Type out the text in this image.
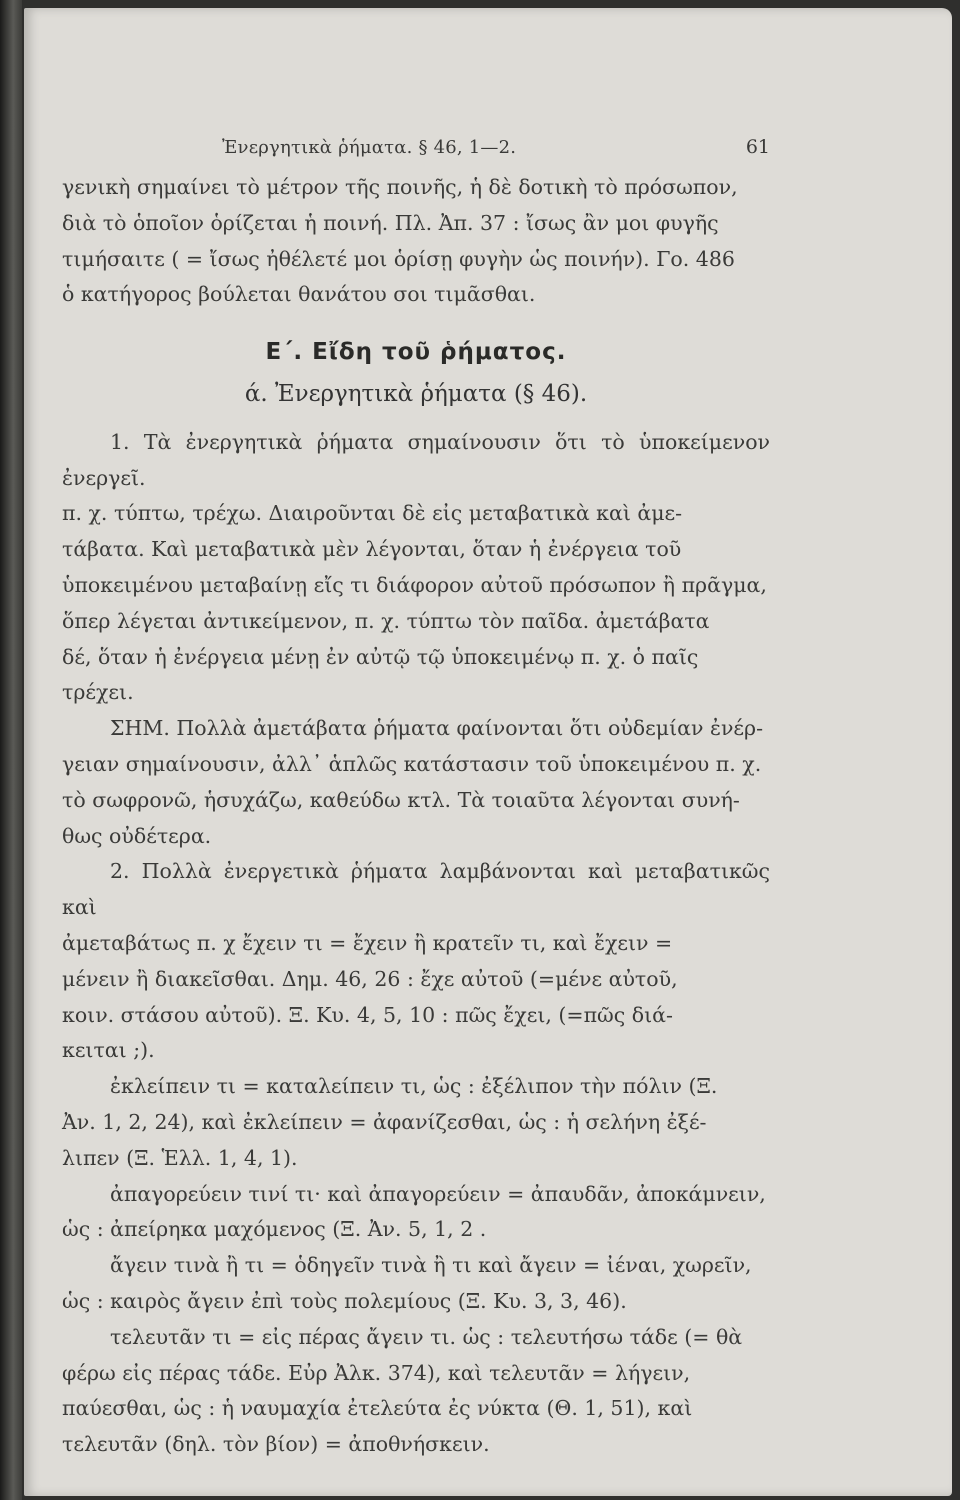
Ἐνεργητικὰ ῥήματα. § 46, 1—2.	61

γενικὴ σημαίνει τὸ μέτρον τῆς ποινῆς, ἡ δὲ δοτικὴ τὸ πρόσωπον,

διὰ τὸ ὁποῖον ὁρίζεται ἡ ποινή. Πλ. Ἀπ. 37 : ἴσως ἂν μοι φυγῆς

τιμήσαιτε ( = ἴσως ἠθέλετέ μοι ὁρίσῃ φυγὴν ὡς ποινήν). Γο. 486

ὁ κατήγορος βούλεται θανάτου σοι τιμᾶσθαι.

Ε΄. Εἴδη τοῦ ῥήματος.
ά. Ἐνεργητικὰ ῥήματα (§ 46).

1. Τὰ ἐνεργητικὰ ῥήματα σημαίνουσιν ὅτι τὸ ὑποκείμενον ἐνεργεῖ.

π. χ. τύπτω, τρέχω. Διαιροῦνται δὲ εἰς μεταβατικὰ καὶ ἀμε-

τάβατα. Καὶ μεταβατικὰ μὲν λέγονται, ὅταν ἡ ἐνέργεια τοῦ

ὑποκειμένου μεταβαίνῃ εἴς τι διάφορον αὐτοῦ πρόσωπον ἢ πρᾶγμα,

ὅπερ λέγεται ἀντικείμενον, π. χ. τύπτω τὸν παῖδα. ἀμετάβατα

δέ, ὅταν ἡ ἐνέργεια μένῃ ἐν αὐτῷ τῷ ὑποκειμένῳ π. χ. ὁ παῖς

τρέχει.

ΣΗΜ. Πολλὰ ἀμετάβατα ῥήματα φαίνονται ὅτι οὐδεμίαν ἐνέρ-

γειαν σημαίνουσιν, ἀλλ᾽ ἁπλῶς κατάστασιν τοῦ ὑποκειμένου π. χ.

τὸ σωφρονῶ, ἡσυχάζω, καθεύδω κτλ. Τὰ τοιαῦτα λέγονται συνή-

θως οὐδέτερα.

2. Πολλὰ ἐνεργετικὰ ῥήματα λαμβάνονται καὶ μεταβατικῶς καὶ

ἀμεταβάτως π. χ ἔχειν τι = ἔχειν ἢ κρατεῖν τι, καὶ ἔχειν =

μένειν ἢ διακεῖσθαι. Δημ. 46, 26 : ἔχε αὐτοῦ (=μένε αὐτοῦ,

κοιν. στάσου αὐτοῦ). Ξ. Κυ. 4, 5, 10 : πῶς ἔχει, (=πῶς διά-

κειται ;).

ἐκλείπειν τι = καταλείπειν τι, ὡς : ἐξέλιπον τὴν πόλιν (Ξ.

Ἀν. 1, 2, 24), καὶ ἐκλείπειν = ἀφανίζεσθαι, ὡς : ἡ σελήνη ἐξέ-

λιπεν (Ξ. Ἑλλ. 1, 4, 1).

ἀπαγορεύειν τινί τι· καὶ ἀπαγορεύειν = ἀπαυδᾶν, ἀποκάμνειν,

ὡς : ἀπείρηκα μαχόμενος (Ξ. Ἀν. 5, 1, 2 .

ἄγειν τινὰ ἢ τι = ὁδηγεῖν τινὰ ἢ τι καὶ ἄγειν = ἰέναι, χωρεῖν,

ὡς : καιρὸς ἄγειν ἐπὶ τοὺς πολεμίους (Ξ. Κυ. 3, 3, 46).

τελευτᾶν τι = εἰς πέρας ἄγειν τι. ὡς : τελευτήσω τάδε (= θὰ

φέρω εἰς πέρας τάδε. Εὐρ Ἀλκ. 374), καὶ τελευτᾶν = λήγειν,

παύεσθαι, ὡς : ἡ ναυμαχία ἐτελεύτα ἐς νύκτα (Θ. 1, 51), καὶ

τελευτᾶν (δηλ. τὸν βίον) = ἀποθνήσκειν.
